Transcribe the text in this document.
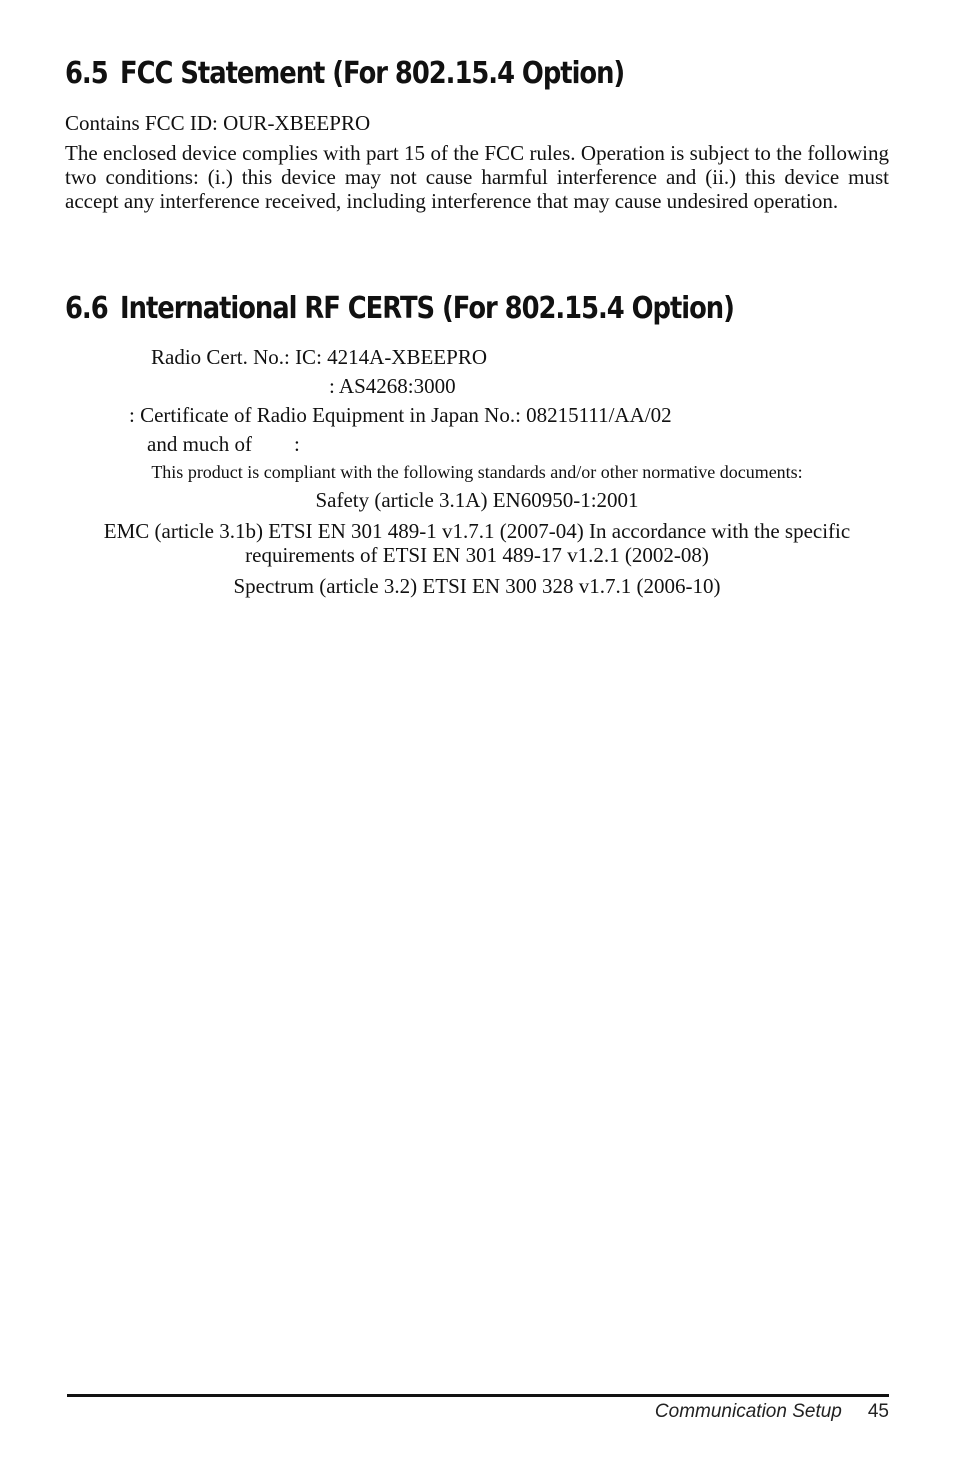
6.5 FCC Statement (For 802.15.4 Option)

Contains FCC ID: OUR-XBEEPRO

The enclosed device complies with part 15 of the FCC rules. Operation is subject to the following two conditions: (i.) this device may not cause harmful interference and (ii.) this device must accept any interference received, including interference that may cause undesired operation.

6.6 International RF CERTS (For 802.15.4 Option)

Radio Cert. No.: IC: 4214A-XBEEPRO

: AS4268:3000

: Certificate of Radio Equipment in Japan No.: 08215111/AA/02

and much of        :

This product is compliant with the following standards and/or other normative documents:

Safety (article 3.1A) EN60950-1:2001

EMC (article 3.1b) ETSI EN 301 489-1 v1.7.1 (2007-04) In accordance with the specific requirements of ETSI EN 301 489-17 v1.2.1 (2002-08)

Spectrum (article 3.2) ETSI EN 300 328 v1.7.1 (2006-10)

Communication Setup 45
